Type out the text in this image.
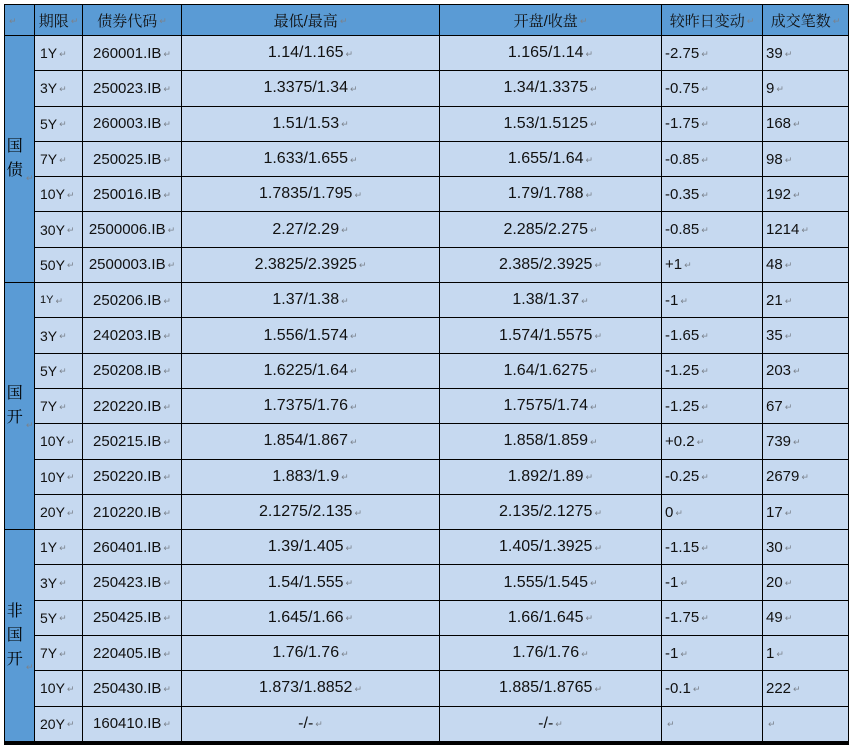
↵ 期限 ↵ 债券代码 ↵	最低/最高 ↵	开盘/收盘 ↵	较昨日变动 ↵ 成交笔数 ↵
国债 ↵
1Y ↵ 260001.IB ↵	1.14/1.165 ↵	1.165/1.14 ↵	-2.75 ↵	39 ↵
3Y ↵ 250023.IB ↵	1.3375/1.34 ↵	1.34/1.3375 ↵	-0.75 ↵	9 ↵
5Y ↵ 260003.IB ↵	1.51/1.53 ↵	1.53/1.5125 ↵	-1.75 ↵	168 ↵
7Y ↵ 250025.IB ↵	1.633/1.655 ↵	1.655/1.64 ↵	-0.85 ↵	98 ↵
10Y ↵ 250016.IB ↵	1.7835/1.795 ↵	1.79/1.788 ↵	-0.35 ↵	192 ↵
30Y ↵ 2500006.IB ↵	2.27/2.29 ↵	2.285/2.275 ↵	-0.85 ↵	1214 ↵
50Y ↵ 2500003.IB ↵	2.3825/2.3925 ↵	2.385/2.3925 ↵	+1 ↵	48 ↵
国开 ↵
1Y ↵ 250206.IB ↵	1.37/1.38 ↵	1.38/1.37 ↵	-1 ↵	21 ↵
3Y ↵ 240203.IB ↵	1.556/1.574 ↵	1.574/1.5575 ↵	-1.65 ↵	35 ↵
5Y ↵ 250208.IB ↵	1.6225/1.64 ↵	1.64/1.6275 ↵	-1.25 ↵	203 ↵
7Y ↵ 220220.IB ↵	1.7375/1.76 ↵	1.7575/1.74 ↵	-1.25 ↵	67 ↵
10Y ↵ 250215.IB ↵	1.854/1.867 ↵	1.858/1.859 ↵	+0.2 ↵	739 ↵
10Y ↵ 250220.IB ↵	1.883/1.9 ↵	1.892/1.89 ↵	-0.25 ↵	2679 ↵
20Y ↵ 210220.IB ↵	2.1275/2.135 ↵	2.135/2.1275 ↵	0 ↵	17 ↵
非国开 ↵
1Y ↵ 260401.IB ↵	1.39/1.405 ↵	1.405/1.3925 ↵	-1.15 ↵	30 ↵
3Y ↵ 250423.IB ↵	1.54/1.555 ↵	1.555/1.545 ↵	-1 ↵	20 ↵
5Y ↵ 250425.IB ↵	1.645/1.66 ↵	1.66/1.645 ↵	-1.75 ↵	49 ↵
7Y ↵ 220405.IB ↵	1.76/1.76 ↵	1.76/1.76 ↵	-1 ↵	1 ↵
10Y ↵ 250430.IB ↵	1.873/1.8852 ↵	1.885/1.8765 ↵	-0.1 ↵	222 ↵
20Y ↵ 160410.IB ↵	-/- ↵	-/- ↵	↵	↵
